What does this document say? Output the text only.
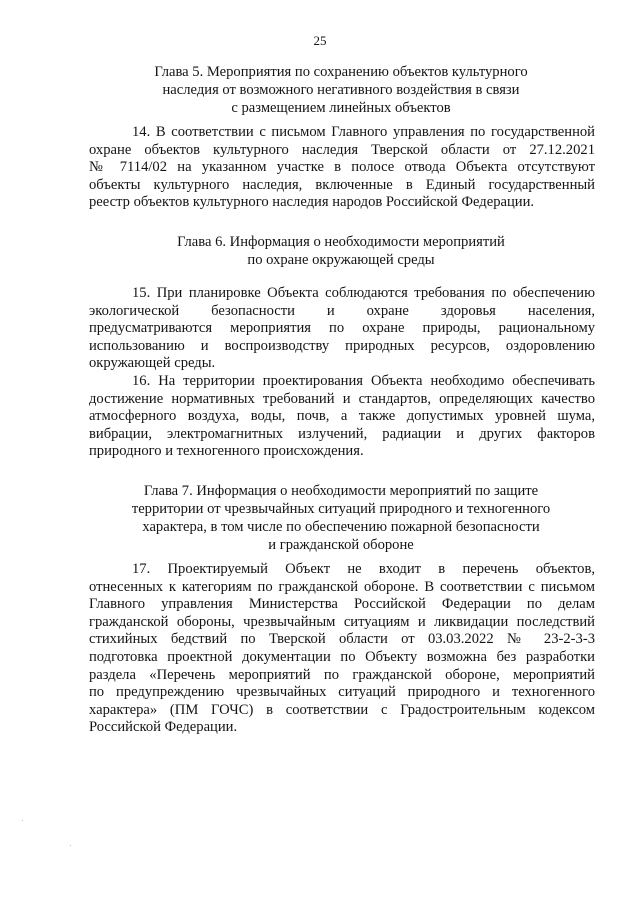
25
Глава 5. Мероприятия по сохранению объектов культурного
наследия от возможного негативного воздействия в связи
с размещением линейных объектов
14. В соответствии с письмом Главного управления по государственной
охране объектов культурного наследия Тверской области от 27.12.2021
№ 7114/02 на указанном участке в полосе отвода Объекта отсутствуют
объекты культурного наследия, включенные в Единый государственный
реестр объектов культурного наследия народов Российской Федерации.
Глава 6. Информация о необходимости мероприятий
по охране окружающей среды
15. При планировке Объекта соблюдаются требования по обеспечению
экологической безопасности и охране здоровья населения,
предусматриваются мероприятия по охране природы, рациональному
использованию и воспроизводству природных ресурсов, оздоровлению
окружающей среды.
16. На территории проектирования Объекта необходимо обеспечивать
достижение нормативных требований и стандартов, определяющих качество
атмосферного воздуха, воды, почв, а также допустимых уровней шума,
вибрации, электромагнитных излучений, радиации и других факторов
природного и техногенного происхождения.
Глава 7. Информация о необходимости мероприятий по защите
территории от чрезвычайных ситуаций природного и техногенного
характера, в том числе по обеспечению пожарной безопасности
и гражданской обороне
17. Проектируемый Объект не входит в перечень объектов,
отнесенных к категориям по гражданской обороне. В соответствии с письмом
Главного управления Министерства Российской Федерации по делам
гражданской обороны, чрезвычайным ситуациям и ликвидации последствий
стихийных бедствий по Тверской области от 03.03.2022 № 23-2-3-3
подготовка проектной документации по Объекту возможна без разработки
раздела «Перечень мероприятий по гражданской обороне, мероприятий
по предупреждению чрезвычайных ситуаций природного и техногенного
характера» (ПМ ГОЧС) в соответствии с Градостроительным кодексом
Российской Федерации.
